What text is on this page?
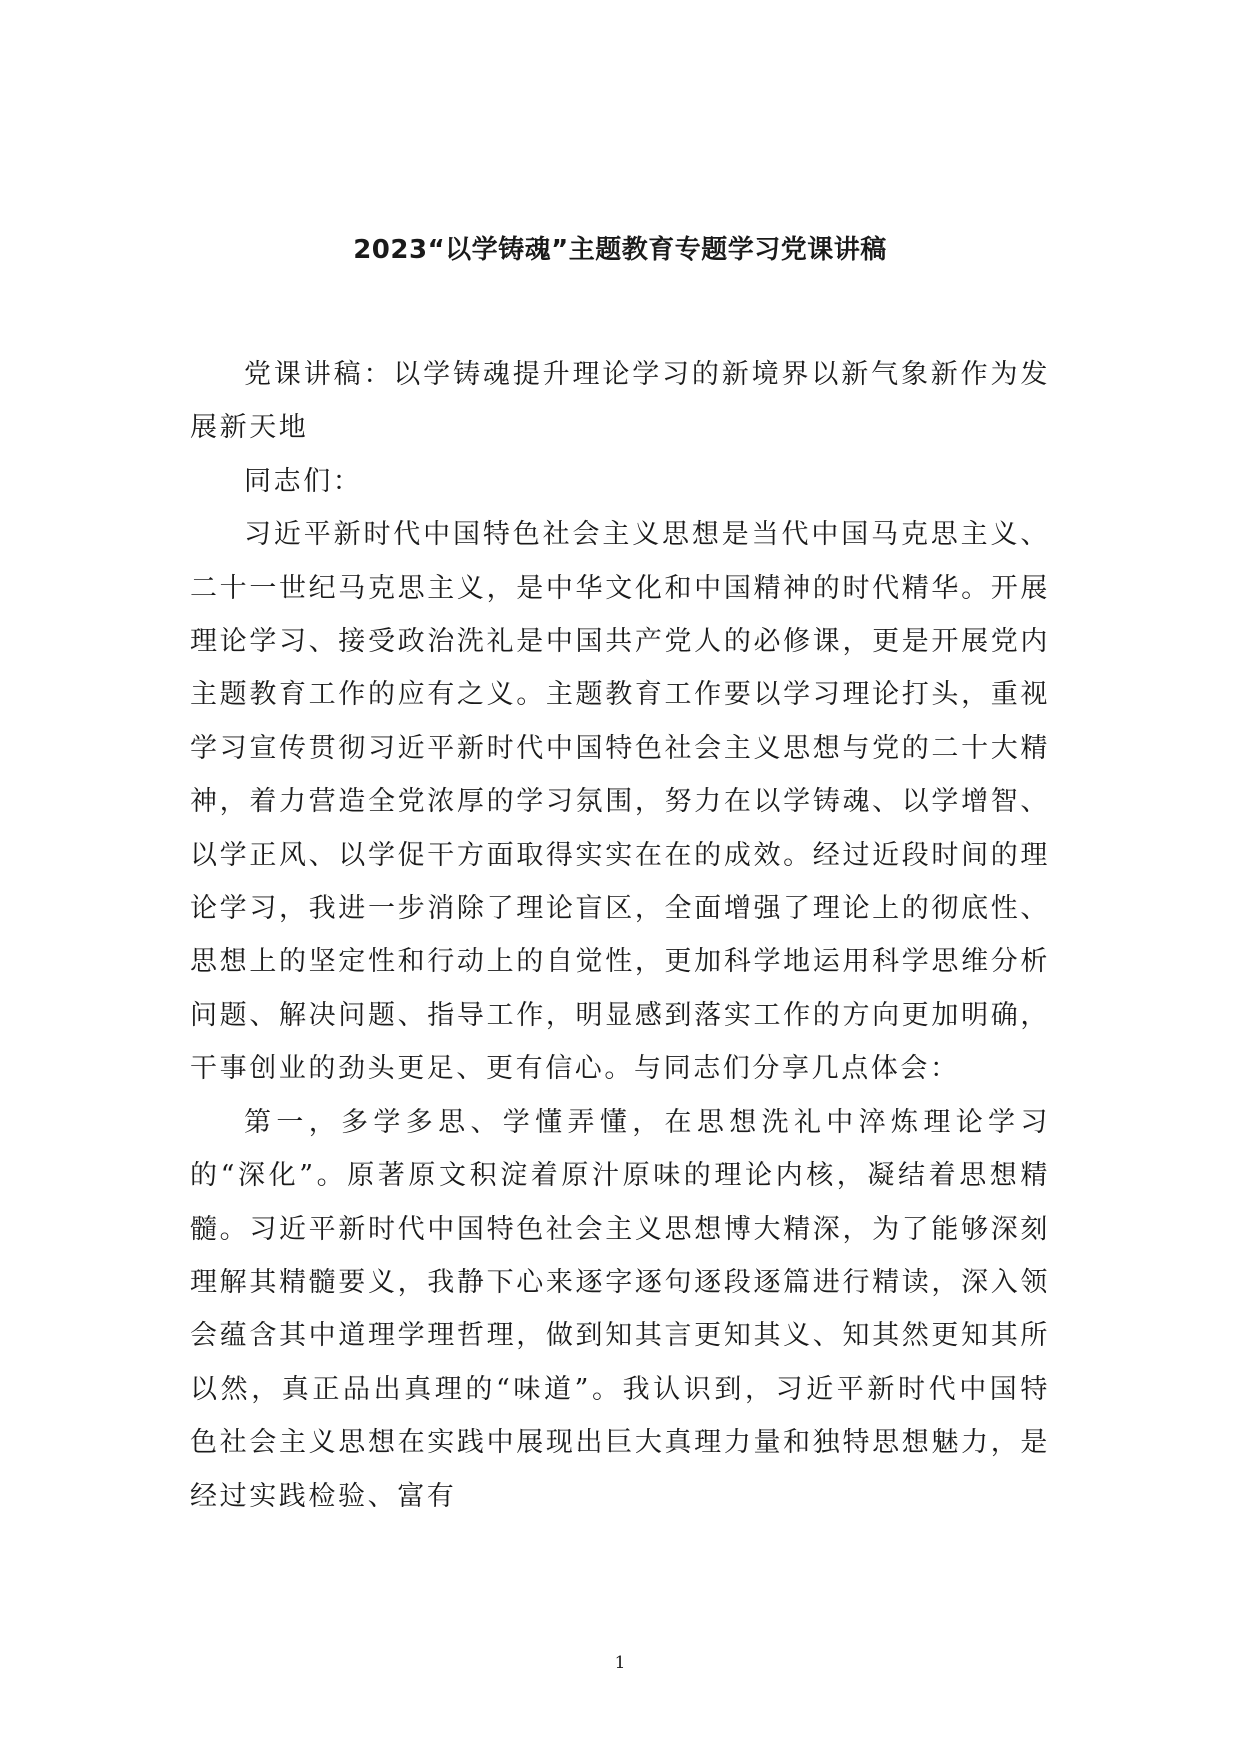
2023“以学铸魂”主题教育专题学习党课讲稿

党课讲稿：以学铸魂提升理论学习的新境界以新气象新作为发展新天地

同志们：

习近平新时代中国特色社会主义思想是当代中国马克思主义、二十一世纪马克思主义，是中华文化和中国精神的时代精华。开展理论学习、接受政治洗礼是中国共产党人的必修课，更是开展党内主题教育工作的应有之义。主题教育工作要以学习理论打头，重视学习宣传贯彻习近平新时代中国特色社会主义思想与党的二十大精神，着力营造全党浓厚的学习氛围，努力在以学铸魂、以学增智、以学正风、以学促干方面取得实实在在的成效。经过近段时间的理论学习，我进一步消除了理论盲区，全面增强了理论上的彻底性、思想上的坚定性和行动上的自觉性，更加科学地运用科学思维分析问题、解决问题、指导工作，明显感到落实工作的方向更加明确，干事创业的劲头更足、更有信心。与同志们分享几点体会：

第一，多学多思、学懂弄懂，在思想洗礼中淬炼理论学习的“深化”。原著原文积淀着原汁原味的理论内核，凝结着思想精髓。习近平新时代中国特色社会主义思想博大精深，为了能够深刻理解其精髓要义，我静下心来逐字逐句逐段逐篇进行精读，深入领会蕴含其中道理学理哲理，做到知其言更知其义、知其然更知其所以然，真正品出真理的“味道”。我认识到，习近平新时代中国特色社会主义思想在实践中展现出巨大真理力量和独特思想魅力，是经过实践检验、富有

1
